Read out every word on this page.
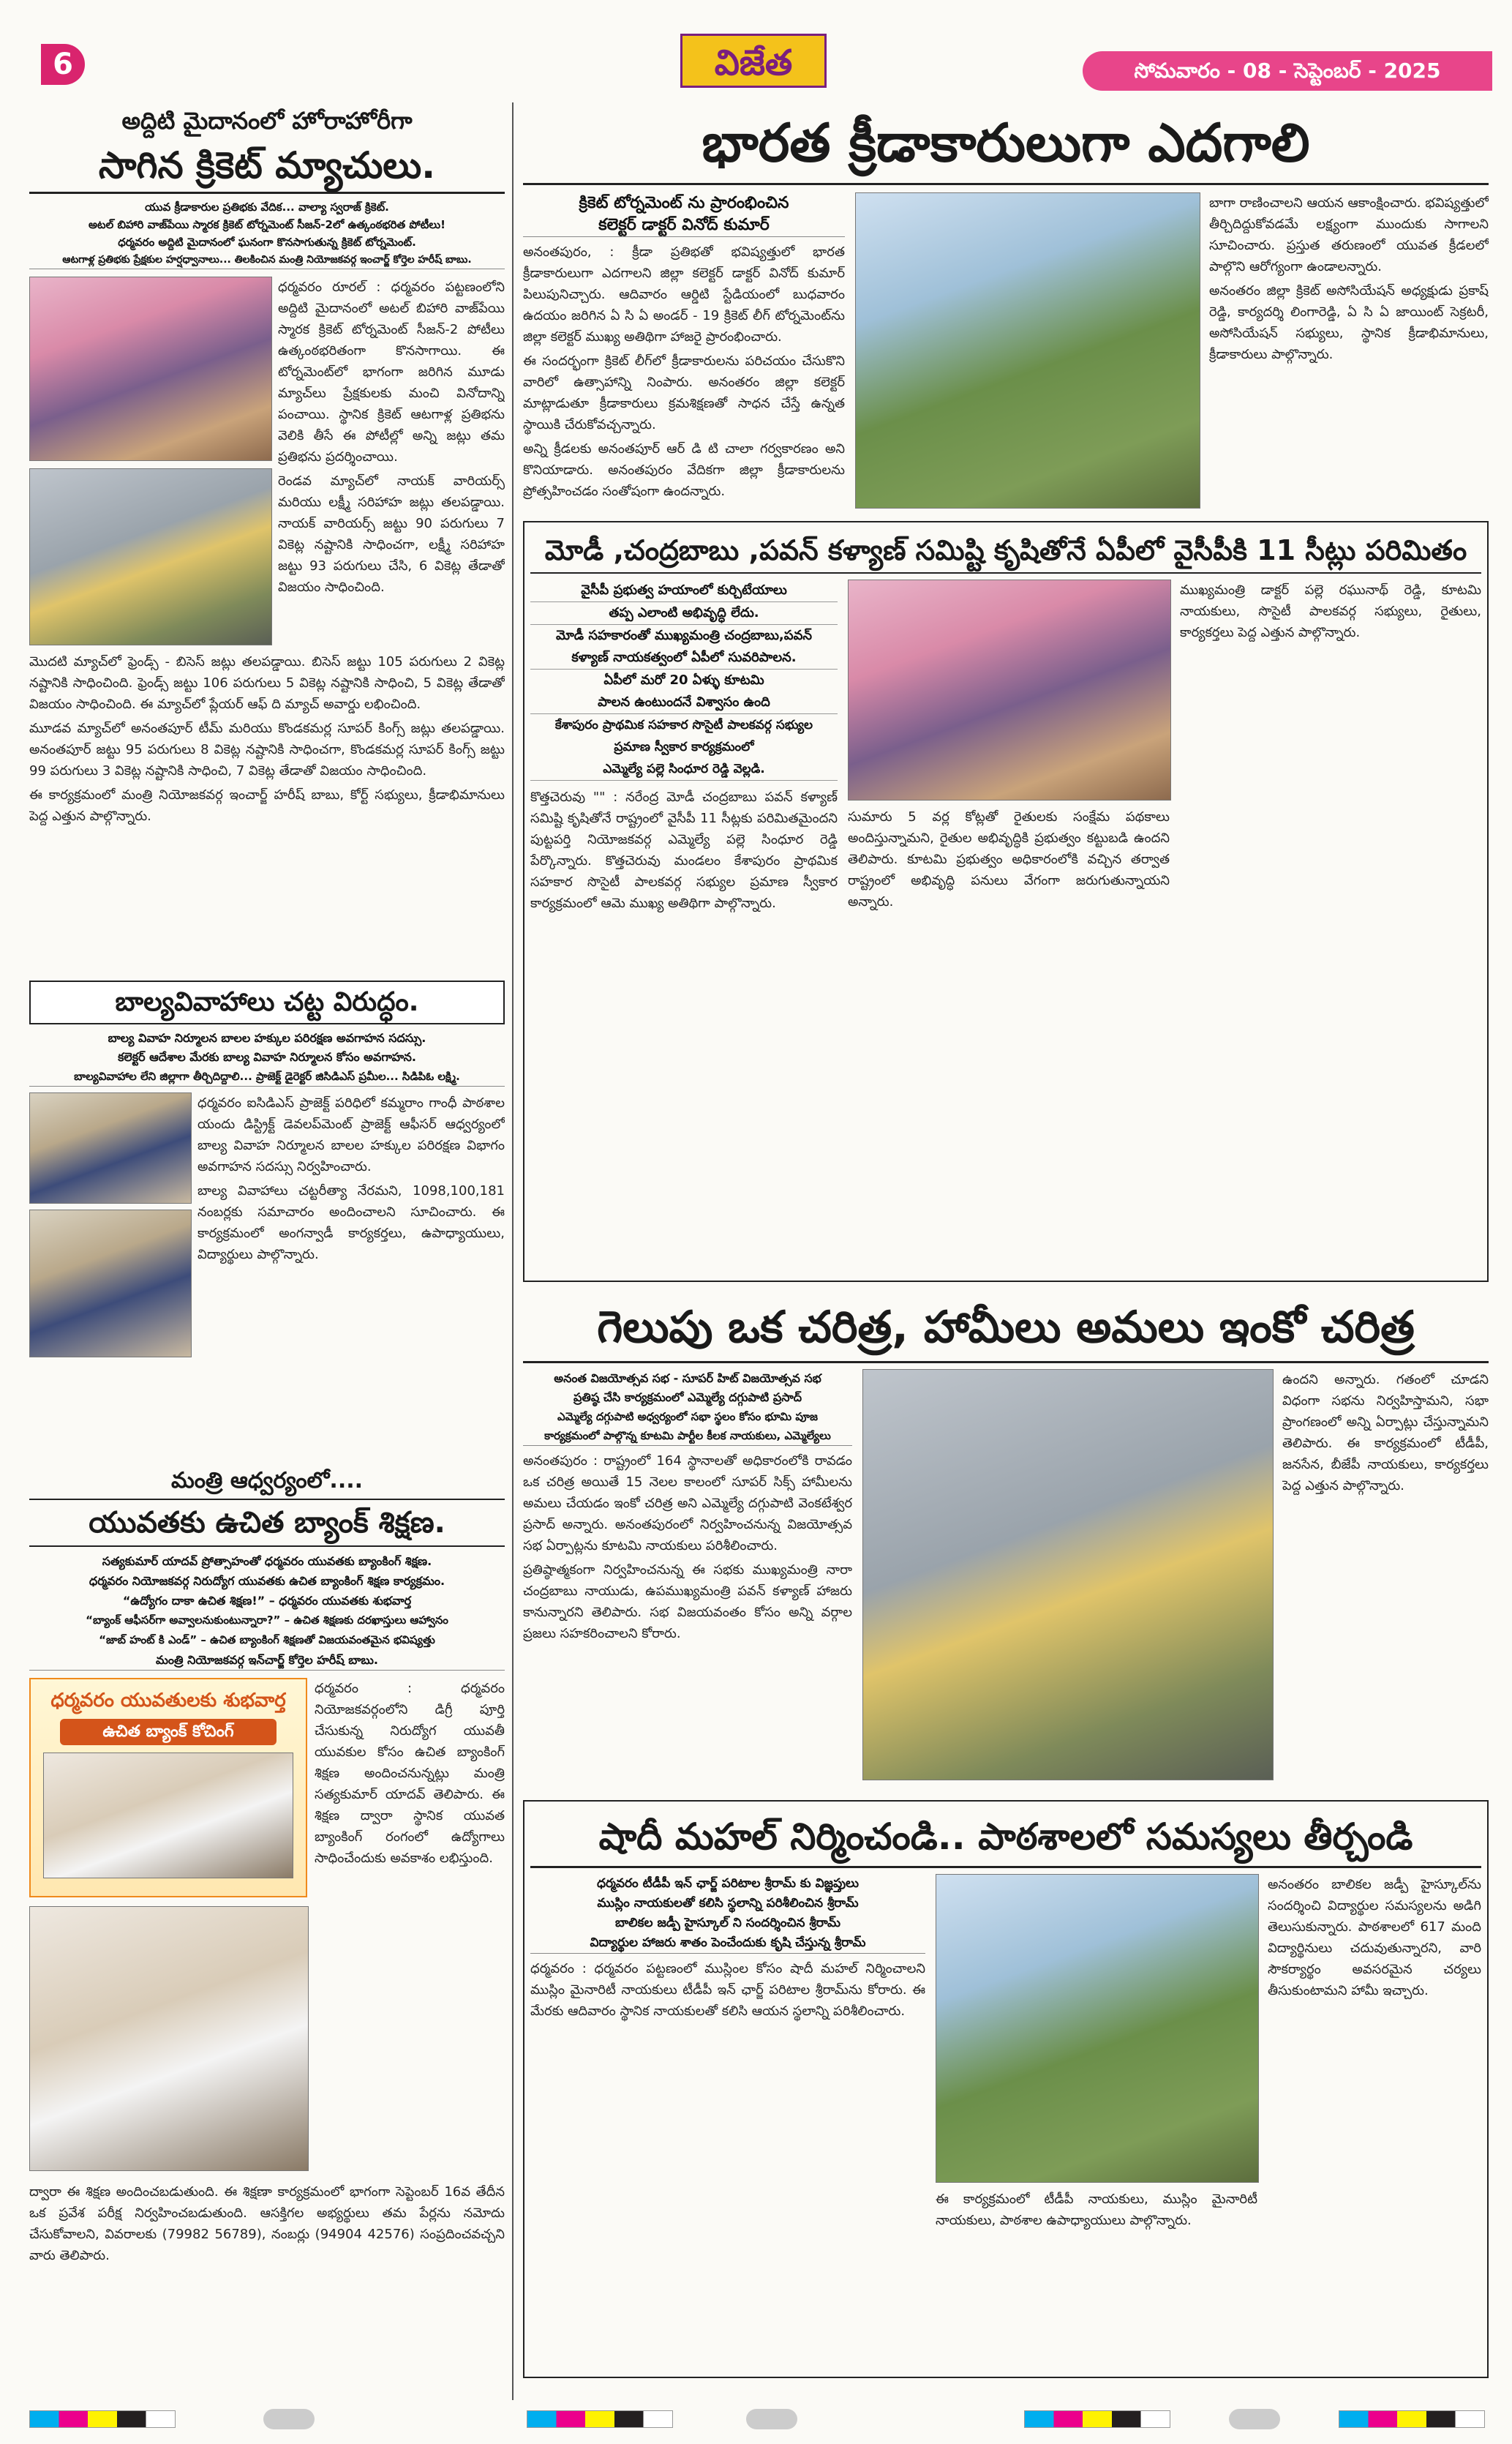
6	విజేత	సోమవారం - 08 - సెప్టెంబర్ - 2025
అద్దిటి మైదానంలో హోరాహోరీగా
సాగిన క్రికెట్ మ్యాచులు.
యువ క్రీడాకారుల ప్రతిభకు వేదిక... వాల్యా స్వరాజ్ క్రికెట్.
అటల్ బిహారి వాజ్‌పేయి స్మారక క్రికెట్ టోర్నమెంట్ సీజన్-2లో ఉత్కంఠభరిత పోటీలు!
ధర్మవరం అద్దిటి మైదానంలో ఘనంగా కొనసాగుతున్న క్రికెట్ టోర్నమెంట్.
ఆటగాళ్ల ప్రతిభకు ప్రేక్షకుల హర్షధ్వానాలు... తిలకించిన మంత్రి నియోజకవర్గ ఇంచార్జ్ కోర్తెల హరీష్ బాబు.

ధర్మవరం రూరల్ : ధర్మవరం పట్టణంలోని అద్దిటి మైదానంలో అటల్ బిహారి వాజ్‌పేయి స్మారక క్రికెట్ టోర్నమెంట్ సీజన్-2 పోటీలు ఉత్కంఠభరితంగా కొనసాగాయి. ఈ టోర్నమెంట్‌లో భాగంగా జరిగిన మూడు మ్యాచ్‌లు ప్రేక్షకులకు మంచి వినోదాన్ని పంచాయి. స్థానిక క్రికెట్ ఆటగాళ్ల ప్రతిభను వెలికి తీసే ఈ పోటీల్లో అన్ని జట్లు తమ ప్రతిభను ప్రదర్శించాయి.

రెండవ మ్యాచ్‌లో నాయక్ వారియర్స్ మరియు లక్ష్మీ సరిహాహ జట్లు తలపడ్డాయి. నాయక్ వారియర్స్ జట్టు 90 పరుగులు 7 వికెట్ల నష్టానికి సాధించగా, లక్ష్మీ సరిహాహ జట్టు 93 పరుగులు చేసి, 6 వికెట్ల తేడాతో విజయం సాధించింది.

మొదటి మ్యాచ్‌లో ఫ్రెండ్స్ - బిసెస్ జట్లు తలపడ్డాయి. బిసెస్ జట్టు 105 పరుగులు 2 వికెట్ల నష్టానికి సాధించింది. ఫ్రెండ్స్ జట్టు 106 పరుగులు 5 వికెట్ల నష్టానికి సాధించి, 5 వికెట్ల తేడాతో విజయం సాధించింది. ఈ మ్యాచ్‌లో ప్లేయర్ ఆఫ్ ది మ్యాచ్ అవార్డు లభించింది.

మూడవ మ్యాచ్‌లో అనంతపూర్ టీమ్ మరియు కొండకమర్ల సూపర్ కింగ్స్ జట్లు తలపడ్డాయి. అనంతపూర్ జట్టు 95 పరుగులు 8 వికెట్ల నష్టానికి సాధించగా, కొండకమర్ల సూపర్ కింగ్స్ జట్టు 99 పరుగులు 3 వికెట్ల నష్టానికి సాధించి, 7 వికెట్ల తేడాతో విజయం సాధించింది.

ఈ కార్యక్రమంలో మంత్రి నియోజకవర్గ ఇంచార్జ్ హరీష్ బాబు, కోర్ట్ సభ్యులు, క్రీడాభిమానులు పెద్ద ఎత్తున పాల్గొన్నారు.

బాల్యవివాహాలు చట్ట విరుద్ధం.
బాల్య వివాహ నిర్మూలన బాలల హక్కుల పరిరక్షణ అవగాహన సదస్సు.
కలెక్టర్ ఆదేశాల మేరకు బాల్య వివాహ నిర్మూలన కోసం అవగాహన.
బాల్యవివాహాల లేని జిల్లాగా తీర్చిదిద్దాలి... ప్రాజెక్ట్ డైరెక్టర్ జిసిడిఎస్ ప్రమీల... సిడిపిఓ లక్ష్మి.

ధర్మవరం ఐసిడిఎస్ ప్రాజెక్ట్ పరిధిలో కమ్మరాం గాంధీ పాఠశాల యందు డిస్ట్రిక్ట్ డెవలప్‌మెంట్ ప్రాజెక్ట్ ఆఫీసర్ ఆధ్వర్యంలో బాల్య వివాహ నిర్మూలన బాలల హక్కుల పరిరక్షణ విభాగం అవగాహన సదస్సు నిర్వహించారు.

బాల్య వివాహాలు చట్టరీత్యా నేరమని, 1098,100,181 నంబర్లకు సమాచారం అందించాలని సూచించారు. ఈ కార్యక్రమంలో అంగన్వాడీ కార్యకర్తలు, ఉపాధ్యాయులు, విద్యార్థులు పాల్గొన్నారు.

మంత్రి ఆధ్వర్యంలో....
యువతకు ఉచిత బ్యాంక్ శిక్షణ.
సత్యకుమార్ యాదవ్ ప్రోత్సాహంతో ధర్మవరం యువతకు బ్యాంకింగ్ శిక్షణ.
ధర్మవరం నియోజకవర్గ నిరుద్యోగ యువతకు ఉచిత బ్యాంకింగ్ శిక్షణ కార్యక్రమం.
“ఉద్యోగం దాకా ఉచిత శిక్షణ!” – ధర్మవరం యువతకు శుభవార్త
“బ్యాంక్ ఆఫీసర్‌గా అవ్వాలనుకుంటున్నారా?” – ఉచిత శిక్షణకు దరఖాస్తులు ఆహ్వానం
“జాబ్ హంట్ కి ఎండ్” – ఉచిత బ్యాంకింగ్ శిక్షణతో విజయవంతమైన భవిష్యత్తు
మంత్రి నియోజకవర్గ ఇన్‌చార్జ్ కోర్తెల హరీష్ బాబు.
ధర్మవరం యువతులకు శుభవార్త
ఉచిత బ్యాంక్ కోచింగ్

ధర్మవరం : ధర్మవరం నియోజకవర్గంలోని డిగ్రీ పూర్తి చేసుకున్న నిరుద్యోగ యువతీ యువకుల కోసం ఉచిత బ్యాంకింగ్ శిక్షణ అందించనున్నట్లు మంత్రి సత్యకుమార్ యాదవ్ తెలిపారు. ఈ శిక్షణ ద్వారా స్థానిక యువత బ్యాంకింగ్ రంగంలో ఉద్యోగాలు సాధించేందుకు అవకాశం లభిస్తుంది.

ద్వారా ఈ శిక్షణ అందించబడుతుంది. ఈ శిక్షణా కార్యక్రమంలో భాగంగా సెప్టెంబర్ 16వ తేదీన ఒక ప్రవేశ పరీక్ష నిర్వహించబడుతుంది. ఆసక్తిగల అభ్యర్థులు తమ పేర్లను నమోదు చేసుకోవాలని, వివరాలకు (79982 56789), నంబర్లు (94904 42576) సంప్రదించవచ్చని వారు తెలిపారు.

భారత క్రీడాకారులుగా ఎదగాలి
క్రికెట్ టోర్నమెంట్ ను ప్రారంభించిన
కలెక్టర్ డాక్టర్ వినోద్ కుమార్

అనంతపురం, : క్రీడా ప్రతిభతో భవిష్యత్తులో భారత క్రీడాకారులుగా ఎదగాలని జిల్లా కలెక్టర్ డాక్టర్ వినోద్ కుమార్ పిలుపునిచ్చారు. ఆదివారం ఆర్డిటి స్టేడియంలో బుధవారం ఉదయం జరిగిన ఏ సి ఏ అండర్ - 19 క్రికెట్ లీగ్ టోర్నమెంట్‌ను జిల్లా కలెక్టర్ ముఖ్య అతిథిగా హాజరై ప్రారంభించారు.

ఈ సందర్భంగా క్రికెట్ లీగ్‌లో క్రీడాకారులను పరిచయం చేసుకొని వారిలో ఉత్సాహాన్ని నింపారు. అనంతరం జిల్లా కలెక్టర్ మాట్లాడుతూ క్రీడాకారులు క్రమశిక్షణతో సాధన చేస్తే ఉన్నత స్థాయికి చేరుకోవచ్చన్నారు.

అన్ని క్రీడలకు అనంతపూర్ ఆర్ డి టి చాలా గర్వకారణం అని కొనియాడారు. అనంతపురం వేదికగా జిల్లా క్రీడాకారులను ప్రోత్సహించడం సంతోషంగా ఉందన్నారు.

బాగా రాణించాలని ఆయన ఆకాంక్షించారు. భవిష్యత్తులో తీర్చిదిద్దుకోవడమే లక్ష్యంగా ముందుకు సాగాలని సూచించారు. ప్రస్తుత తరుణంలో యువత క్రీడలలో పాల్గొని ఆరోగ్యంగా ఉండాలన్నారు.

అనంతరం జిల్లా క్రికెట్ అసోసియేషన్ అధ్యక్షుడు ప్రకాష్ రెడ్డి, కార్యదర్శి లింగారెడ్డి, ఏ సి ఏ జాయింట్ సెక్రటరీ, అసోసియేషన్ సభ్యులు, స్థానిక క్రీడాభిమానులు, క్రీడాకారులు పాల్గొన్నారు.

మోడీ ,చంద్రబాబు ,పవన్ కళ్యాణ్ సమిష్టి కృషితోనే ఏపీలో వైసీపీకి 11 సీట్లు పరిమితం
వైసీపీ ప్రభుత్వ హయాంలో కుర్చిటేయాలు
తప్ప ఎలాంటి అభివృద్ధి లేదు.
మోడీ సహకారంతో ముఖ్యమంత్రి చంద్రబాబు,పవన్
కళ్యాణ్ నాయకత్వంలో ఏపీలో సువరిపాలన.
ఏపీలో మరో 20 ఏళ్ళు కూటమి
పాలన ఉంటుందనే విశ్వాసం ఉంది
కేశాపురం ప్రాథమిక సహకార సొసైటీ పాలకవర్గ సభ్యుల
ప్రమాణ స్వీకార కార్యక్రమంలో
ఎమ్మెల్యే పల్లె సింధూర రెడ్డి వెల్లడి.

కొత్తచెరువు "" : నరేంద్ర మోడీ చంద్రబాబు పవన్ కళ్యాణ్ సమిష్టి కృషితోనే రాష్ట్రంలో వైసీపీ 11 సీట్లకు పరిమితమైందని పుట్టపర్తి నియోజకవర్గ ఎమ్మెల్యే పల్లె సింధూర రెడ్డి పేర్కొన్నారు. కొత్తచెరువు మండలం కేశాపురం ప్రాథమిక సహకార సొసైటీ పాలకవర్గ సభ్యుల ప్రమాణ స్వీకార కార్యక్రమంలో ఆమె ముఖ్య అతిథిగా పాల్గొన్నారు.

సుమారు 5 వర్ల కోట్లతో రైతులకు సంక్షేమ పథకాలు అందిస్తున్నామని, రైతుల అభివృద్ధికి ప్రభుత్వం కట్టుబడి ఉందని తెలిపారు. కూటమి ప్రభుత్వం అధికారంలోకి వచ్చిన తర్వాత రాష్ట్రంలో అభివృద్ధి పనులు వేగంగా జరుగుతున్నాయని అన్నారు.

ముఖ్యమంత్రి డాక్టర్ పల్లె రఘునాథ్ రెడ్డి, కూటమి నాయకులు, సొసైటీ పాలకవర్గ సభ్యులు, రైతులు, కార్యకర్తలు పెద్ద ఎత్తున పాల్గొన్నారు.

గెలుపు ఒక చరిత్ర, హామీలు అమలు ఇంకో చరిత్ర
అనంత విజయోత్సవ సభ - సూపర్ హిట్ విజయోత్సవ సభ
ప్రతిష్ఠ చేసి కార్యక్రమంలో ఎమ్మెల్యే దగ్గుపాటి ప్రసాద్
ఎమ్మెల్యే దగ్గుపాటి అధ్వర్యంలో సభా స్థలం కోసం భూమి పూజ
కార్యక్రమంలో పాల్గొన్న కూటమి పార్టీల కీలక నాయకులు, ఎమ్మెల్యేలు

అనంతపురం : రాష్ట్రంలో 164 స్థానాలతో అధికారంలోకి రావడం ఒక చరిత్ర అయితే 15 నెలల కాలంలో సూపర్ సిక్స్ హామీలను అమలు చేయడం ఇంకో చరిత్ర అని ఎమ్మెల్యే దగ్గుపాటి వెంకటేశ్వర ప్రసాద్ అన్నారు. అనంతపురంలో నిర్వహించనున్న విజయోత్సవ సభ ఏర్పాట్లను కూటమి నాయకులు పరిశీలించారు.

ప్రతిష్ఠాత్మకంగా నిర్వహించనున్న ఈ సభకు ముఖ్యమంత్రి నారా చంద్రబాబు నాయుడు, ఉపముఖ్యమంత్రి పవన్ కళ్యాణ్ హాజరు కానున్నారని తెలిపారు. సభ విజయవంతం కోసం అన్ని వర్గాల ప్రజలు సహకరించాలని కోరారు.

ఉందని అన్నారు. గతంలో చూడని విధంగా సభను నిర్వహిస్తామని, సభా ప్రాంగణంలో అన్ని ఏర్పాట్లు చేస్తున్నామని తెలిపారు. ఈ కార్యక్రమంలో టీడీపీ, జనసేన, బీజేపీ నాయకులు, కార్యకర్తలు పెద్ద ఎత్తున పాల్గొన్నారు.

షాదీ మహల్ నిర్మించండి.. పాఠశాలలో సమస్యలు తీర్చండి
ధర్మవరం టీడీపీ ఇన్ ఛార్జ్ పరిటాల శ్రీరామ్ కు విజ్ఞప్తులు
ముస్లిం నాయకులతో కలిసి స్థలాన్ని పరిశీలించిన శ్రీరామ్
బాలికల జడ్పీ హైస్కూల్ ని సందర్శించిన శ్రీరామ్
విద్యార్థుల హాజరు శాతం పెంచేందుకు కృషి చేస్తున్న శ్రీరామ్

ధర్మవరం : ధర్మవరం పట్టణంలో ముస్లింల కోసం షాదీ మహల్ నిర్మించాలని ముస్లిం మైనారిటీ నాయకులు టీడీపీ ఇన్ ఛార్జ్ పరిటాల శ్రీరామ్‌ను కోరారు. ఈ మేరకు ఆదివారం స్థానిక నాయకులతో కలిసి ఆయన స్థలాన్ని పరిశీలించారు.

ఈ కార్యక్రమంలో టీడీపీ నాయకులు, ముస్లిం మైనారిటీ నాయకులు, పాఠశాల ఉపాధ్యాయులు పాల్గొన్నారు.

అనంతరం బాలికల జడ్పీ హైస్కూల్‌ను సందర్శించి విద్యార్థుల సమస్యలను అడిగి తెలుసుకున్నారు. పాఠశాలలో 617 మంది విద్యార్థినులు చదువుతున్నారని, వారి సౌకర్యార్థం అవసరమైన చర్యలు తీసుకుంటామని హామీ ఇచ్చారు.
